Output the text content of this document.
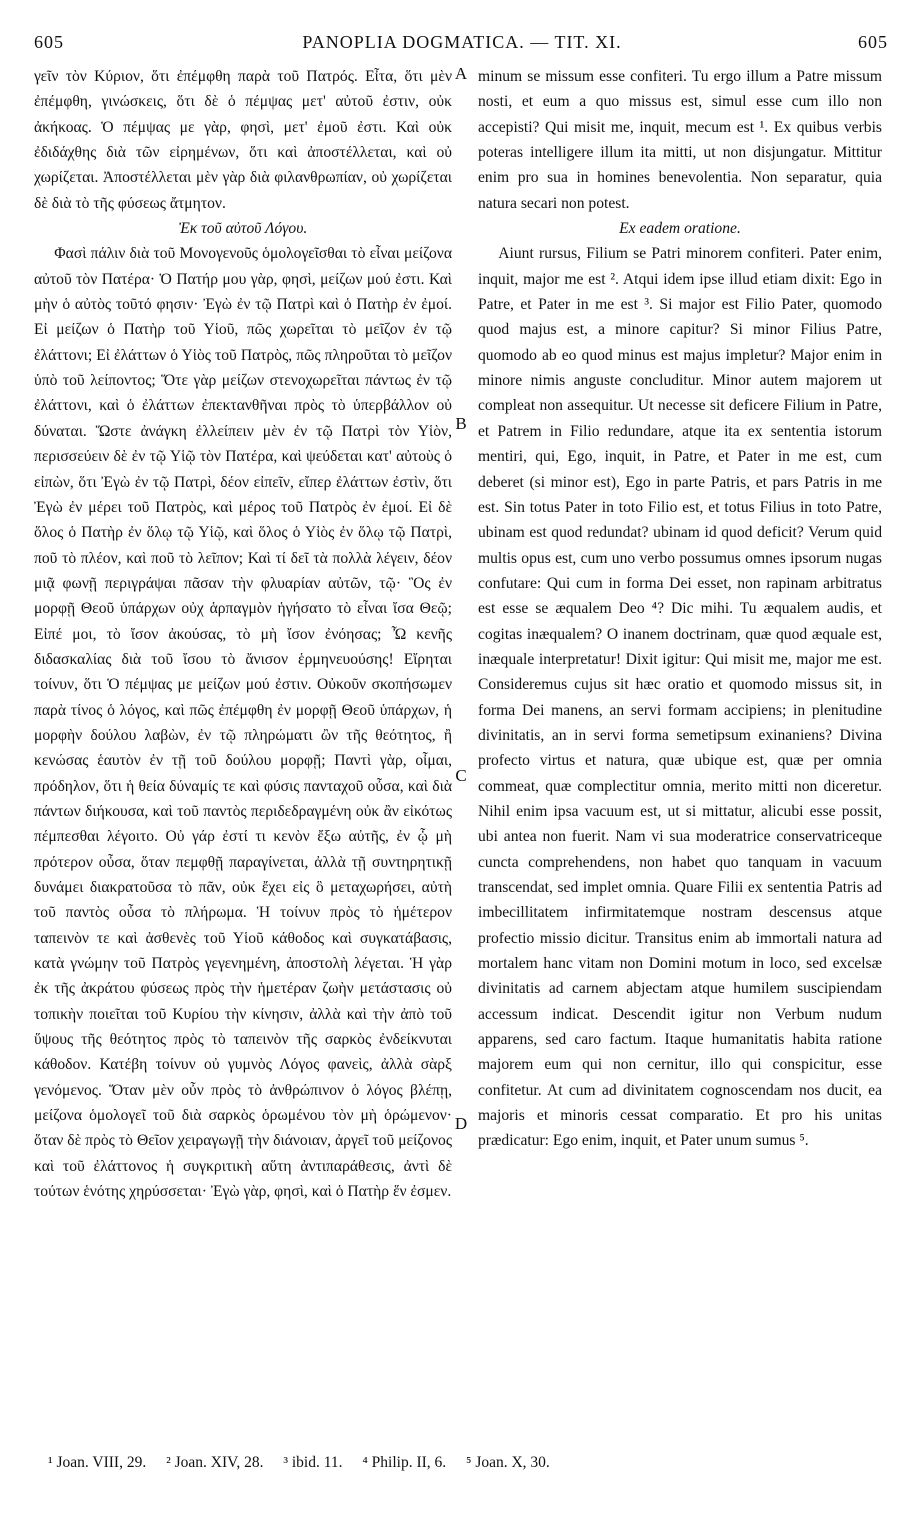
605	PANOPLIA DOGMATICA. — TIT. XI.	605

γεῖν τὸν Κύριον, ὅτι ἐπέμφθη παρὰ τοῦ Πατρός. Εἶτα, ὅτι μὲν ἐπέμφθη, γινώσκεις, ὅτι δὲ ὁ πέμψας μετ' αὐτοῦ ἐστιν, οὐκ ἀκήκοας. Ὁ πέμψας με γὰρ, φησὶ, μετ' ἐμοῦ ἐστι. Καὶ οὐκ ἐδιδάχθης διὰ τῶν εἰρημένων, ὅτι καὶ ἀποστέλλεται, καὶ οὐ χωρίζεται. Ἀποστέλλεται μὲν γὰρ διὰ φιλανθρωπίαν, οὐ χωρίζεται δὲ διὰ τὸ τῆς φύσεως ἄτμητον.

Ἐκ τοῦ αὐτοῦ Λόγου.

Φασὶ πάλιν διὰ τοῦ Μονογενοῦς ὁμολογεῖσθαι τὸ εἶναι μείζονα αὐτοῦ τὸν Πατέρα· Ὁ Πατήρ μου γὰρ, φησὶ, μείζων μού ἐστι. Καὶ μὴν ὁ αὐτὸς τοῦτό φησιν· Ἐγὼ ἐν τῷ Πατρὶ καὶ ὁ Πατὴρ ἐν ἐμοί. Εἰ μείζων ὁ Πατὴρ τοῦ Υἱοῦ, πῶς χωρεῖται τὸ μεῖζον ἐν τῷ ἐλάττονι; Εἰ ἐλάττων ὁ Υἱὸς τοῦ Πατρὸς, πῶς πληροῦται τὸ μεῖζον ὑπὸ τοῦ λείποντος; Ὅτε γὰρ μείζων στενοχωρεῖται πάντως ἐν τῷ ἐλάττονι, καὶ ὁ ἐλάττων ἐπεκτανθῆναι πρὸς τὸ ὑπερβάλλον οὐ δύναται. Ὥστε ἀνάγκη ἐλλείπειν μὲν ἐν τῷ Πατρὶ τὸν Υἱὸν, περισσεύειν δὲ ἐν τῷ Υἱῷ τὸν Πατέρα, καὶ ψεύδεται κατ' αὐτοὺς ὁ εἰπὼν, ὅτι Ἐγὼ ἐν τῷ Πατρὶ, δέον εἰπεῖν, εἴπερ ἐλάττων ἐστὶν, ὅτι Ἐγὼ ἐν μέρει τοῦ Πατρὸς, καὶ μέρος τοῦ Πατρὸς ἐν ἐμοί. Εἰ δὲ ὅλος ὁ Πατὴρ ἐν ὅλῳ τῷ Υἱῷ, καὶ ὅλος ὁ Υἱὸς ἐν ὅλῳ τῷ Πατρὶ, ποῦ τὸ πλέον, καὶ ποῦ τὸ λεῖπον; Καὶ τί δεῖ τὰ πολλὰ λέγειν, δέον μιᾷ φωνῇ περιγράψαι πᾶσαν τὴν φλυαρίαν αὐτῶν, τῷ· Ὃς ἐν μορφῇ Θεοῦ ὑπάρχων οὐχ ἁρπαγμὸν ἡγήσατο τὸ εἶναι ἴσα Θεῷ; Εἰπέ μοι, τὸ ἴσον ἀκούσας, τὸ μὴ ἴσον ἐνόησας; Ὦ κενῆς διδασκαλίας διὰ τοῦ ἴσου τὸ ἄνισον ἑρμηνευούσης! Εἴρηται τοίνυν, ὅτι Ὁ πέμψας με μείζων μού ἐστιν. Οὐκοῦν σκοπήσωμεν παρὰ τίνος ὁ λόγος, καὶ πῶς ἐπέμφθη ἐν μορφῇ Θεοῦ ὑπάρχων, ἡ μορφὴν δούλου λαβὼν, ἐν τῷ πληρώματι ὢν τῆς θεότητος, ἢ κενώσας ἑαυτὸν ἐν τῇ τοῦ δούλου μορφῇ; Παντὶ γὰρ, οἶμαι, πρόδηλον, ὅτι ἡ θεία δύναμίς τε καὶ φύσις πανταχοῦ οὖσα, καὶ διὰ πάντων διήκουσα, καὶ τοῦ παντὸς περιδεδραγμένη οὐκ ἂν εἰκότως πέμπεσθαι λέγοιτο. Οὐ γάρ ἐστί τι κενὸν ἔξω αὐτῆς, ἐν ᾧ μὴ πρότερον οὖσα, ὅταν πεμφθῇ παραγίνεται, ἀλλὰ τῇ συντηρητικῇ δυνάμει διακρατοῦσα τὸ πᾶν, οὐκ ἔχει εἰς ὃ μεταχωρήσει, αὐτὴ τοῦ παντὸς οὖσα τὸ πλήρωμα. Ἡ τοίνυν πρὸς τὸ ἡμέτερον ταπεινὸν τε καὶ ἀσθενὲς τοῦ Υἱοῦ κάθοδος καὶ συγκατάβασις, κατὰ γνώμην τοῦ Πατρὸς γεγενημένη, ἀποστολὴ λέγεται. Ἡ γὰρ ἐκ τῆς ἀκράτου φύσεως πρὸς τὴν ἡμετέραν ζωὴν μετάστασις οὐ τοπικὴν ποιεῖται τοῦ Κυρίου τὴν κίνησιν, ἀλλὰ καὶ τὴν ἀπὸ τοῦ ὕψους τῆς θεότητος πρὸς τὸ ταπεινὸν τῆς σαρκὸς ἐνδείκνυται κάθοδον. Κατέβη τοίνυν οὐ γυμνὸς Λόγος φανεὶς, ἀλλὰ σὰρξ γενόμενος. Ὅταν μὲν οὖν πρὸς τὸ ἀνθρώπινον ὁ λόγος βλέπῃ, μείζονα ὁμολογεῖ τοῦ διὰ σαρκὸς ὁρωμένου τὸν μὴ ὁρώμενον· ὅταν δὲ πρὸς τὸ Θεῖον χειραγωγῇ τὴν διάνοιαν, ἀργεῖ τοῦ μείζονος καὶ τοῦ ἐλάττονος ἡ συγκριτικὴ αὕτη ἀντιπαράθεσις, ἀντὶ δὲ τούτων ἑνότης χηρύσσεται· Ἐγὼ γὰρ, φησὶ, καὶ ὁ Πατὴρ ἕν ἐσμεν.

minum se missum esse confiteri. Tu ergo illum a Patre missum nosti, et eum a quo missus est, simul esse cum illo non accepisti? Qui misit me, inquit, mecum est ¹. Ex quibus verbis poteras intelligere illum ita mitti, ut non disjungatur. Mittitur enim pro sua in homines benevolentia. Non separatur, quia natura secari non potest.

Ex eadem oratione.

Aiunt rursus, Filium se Patri minorem confiteri. Pater enim, inquit, major me est ². Atqui idem ipse illud etiam dixit: Ego in Patre, et Pater in me est ³. Si major est Filio Pater, quomodo quod majus est, a minore capitur? Si minor Filius Patre, quomodo ab eo quod minus est majus impletur? Major enim in minore nimis anguste concluditur. Minor autem majorem ut compleat non assequitur. Ut necesse sit deficere Filium in Patre, et Patrem in Filio redundare, atque ita ex sententia istorum mentiri, qui, Ego, inquit, in Patre, et Pater in me est, cum deberet (si minor est), Ego in parte Patris, et pars Patris in me est. Sin totus Pater in toto Filio est, et totus Filius in toto Patre, ubinam est quod redundat? ubinam id quod deficit? Verum quid multis opus est, cum uno verbo possumus omnes ipsorum nugas confutare: Qui cum in forma Dei esset, non rapinam arbitratus est esse se æqualem Deo ⁴? Dic mihi. Tu æqualem audis, et cogitas inæqualem? O inanem doctrinam, quæ quod æquale est, inæquale interpretatur! Dixit igitur: Qui misit me, major me est. Consideremus cujus sit hæc oratio et quomodo missus sit, in forma Dei manens, an servi formam accipiens; in plenitudine divinitatis, an in servi forma semetipsum exinaniens? Divina profecto virtus et natura, quæ ubique est, quæ per omnia commeat, quæ complectitur omnia, merito mitti non diceretur. Nihil enim ipsa vacuum est, ut si mittatur, alicubi esse possit, ubi antea non fuerit. Nam vi sua moderatrice conservatriceque cuncta comprehendens, non habet quo tanquam in vacuum transcendat, sed implet omnia. Quare Filii ex sententia Patris ad imbecillitatem infirmitatemque nostram descensus atque profectio missio dicitur. Transitus enim ab immortali natura ad mortalem hanc vitam non Domini motum in loco, sed excelsæ divinitatis ad carnem abjectam atque humilem suscipiendam accessum indicat. Descendit igitur non Verbum nudum apparens, sed caro factum. Itaque humanitatis habita ratione majorem eum qui non cernitur, illo qui conspicitur, esse confitetur. At cum ad divinitatem cognoscendam nos ducit, ea majoris et minoris cessat comparatio. Et pro his unitas prædicatur: Ego enim, inquit, et Pater unum sumus ⁵.

A
B
C
D
¹ Joan. VIII, 29. ² Joan. XIV, 28. ³ ibid. 11. ⁴ Philip. II, 6. ⁵ Joan. X, 30.
